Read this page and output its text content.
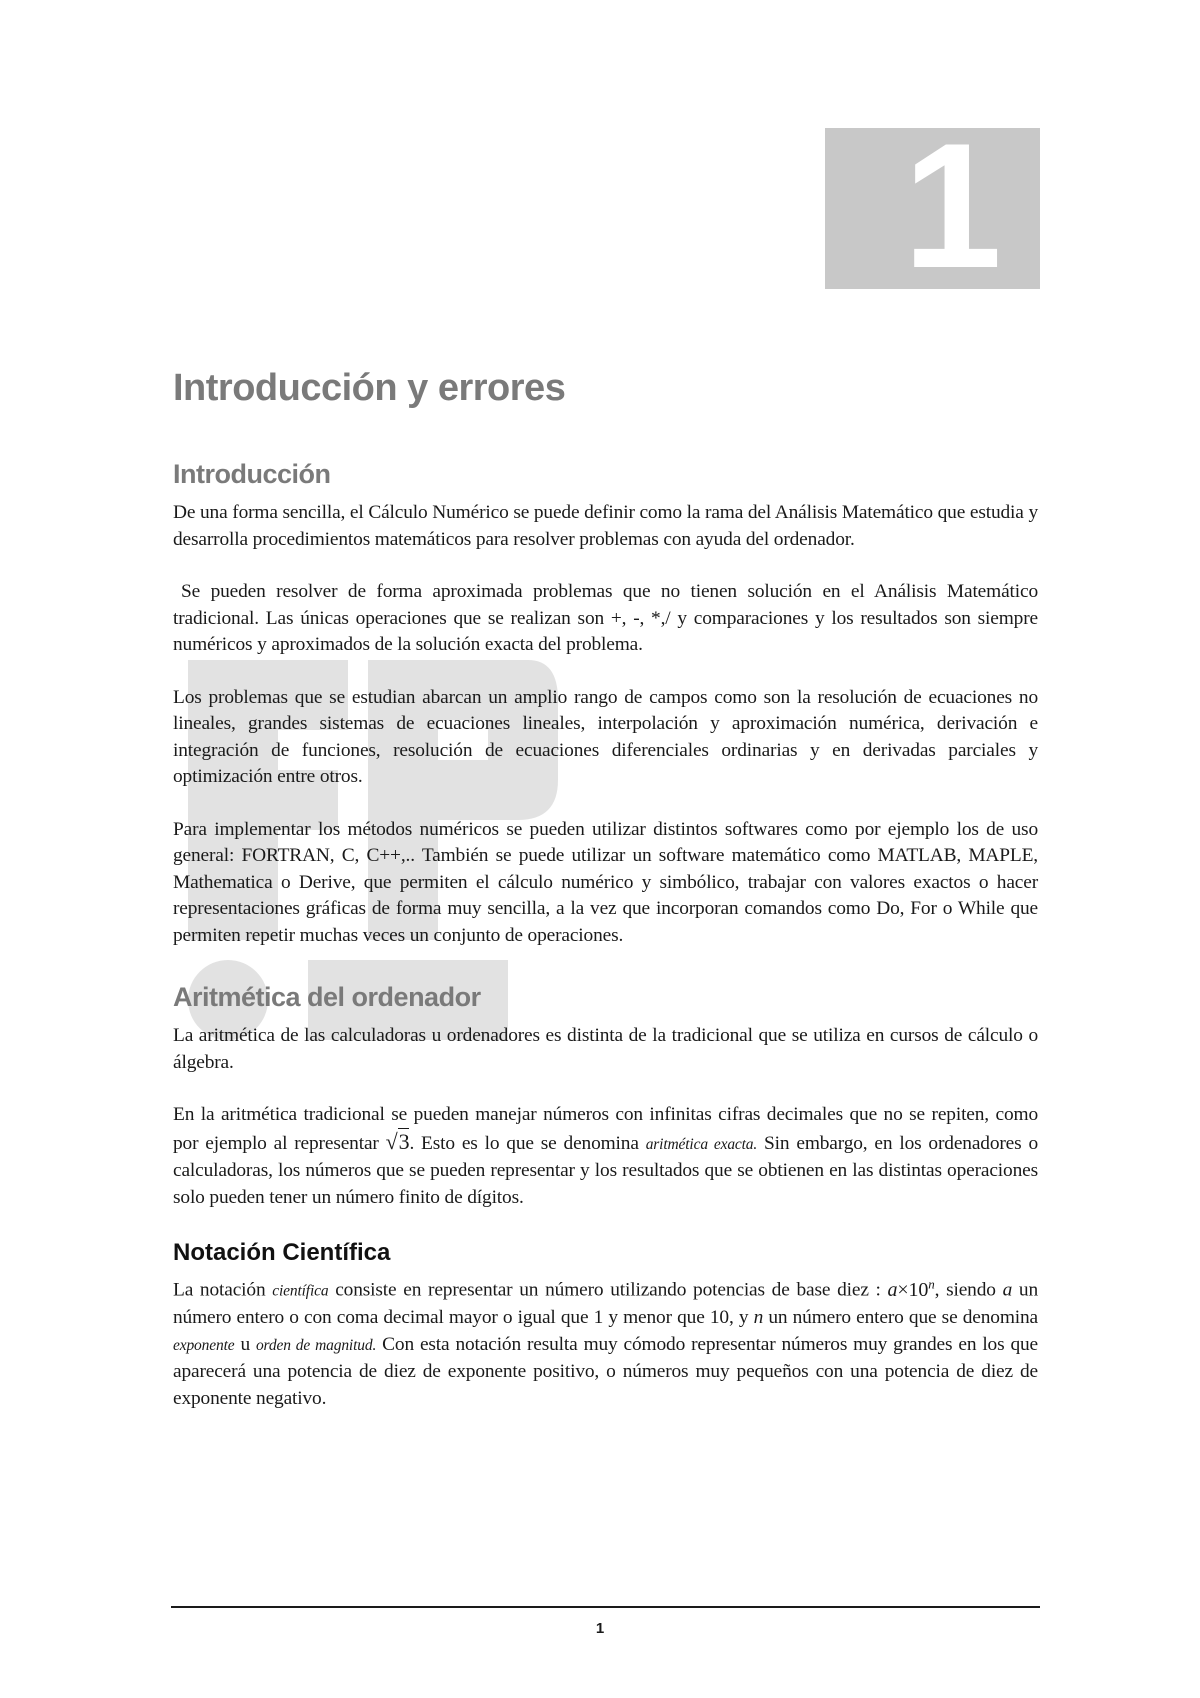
1
Introducción y errores
Introducción

De una forma sencilla, el Cálculo Numérico se puede definir como la rama del Análisis Matemático que estudia y desarrolla procedimientos matemáticos para resolver problemas con ayuda del ordenador.

Se pueden resolver de forma aproximada problemas que no tienen solución en el Análisis Matemático tradicional. Las únicas operaciones que se realizan son +, -, *,/ y comparaciones y los resultados son siempre numéricos y aproximados de la solución exacta del problema.

Los problemas que se estudian abarcan un amplio rango de campos como son la resolución de ecuaciones no lineales, grandes sistemas de ecuaciones lineales, interpolación y aproximación numérica, derivación e integración de funciones, resolución de ecuaciones diferenciales ordinarias y en derivadas parciales y optimización entre otros.

Para implementar los métodos numéricos se pueden utilizar distintos softwares como por ejemplo los de uso general: FORTRAN, C, C++,.. También se puede utilizar un software matemático como MATLAB, MAPLE, Mathematica o Derive, que permiten el cálculo numérico y simbólico, trabajar con valores exactos o hacer representaciones gráficas de forma muy sencilla, a la vez que incorporan comandos como Do, For o While que permiten repetir muchas veces un conjunto de operaciones.

Aritmética del ordenador

La aritmética de las calculadoras u ordenadores es distinta de la tradicional que se utiliza en cursos de cálculo o álgebra.

En la aritmética tradicional se pueden manejar números con infinitas cifras decimales que no se repiten, como por ejemplo al representar √3. Esto es lo que se denomina aritmética exacta. Sin embargo, en los ordenadores o calculadoras, los números que se pueden representar y los resultados que se obtienen en las distintas operaciones solo pueden tener un número finito de dígitos.

Notación Científica

La notación científica consiste en representar un número utilizando potencias de base diez : $a\times 10^n$, siendo a un número entero o con coma decimal mayor o igual que 1 y menor que 10, y n un número entero que se denomina exponente u orden de magnitud. Con esta notación resulta muy cómodo representar números muy grandes en los que aparecerá una potencia de diez de exponente positivo, o números muy pequeños con una potencia de diez de exponente negativo.

1
